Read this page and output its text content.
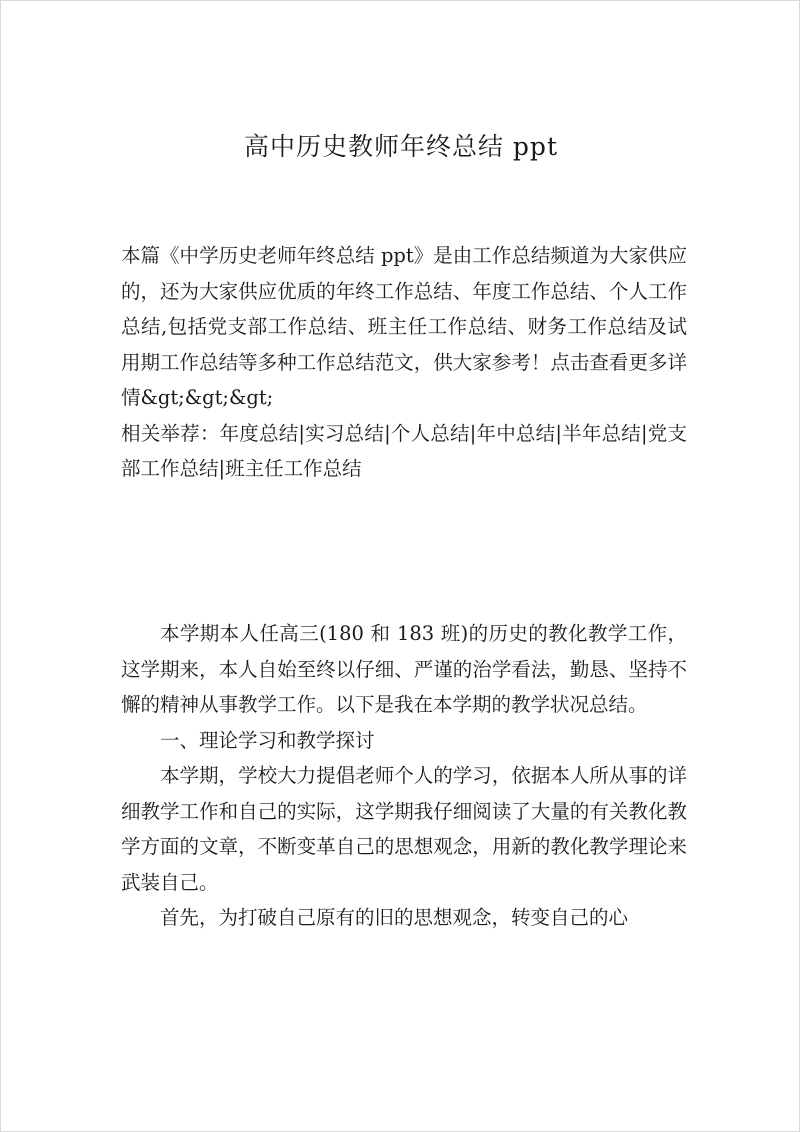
高中历史教师年终总结 ppt

本篇《中学历史老师年终总结 ppt》是由工作总结频道为大家供应的，还为大家供应优质的年终工作总结、年度工作总结、个人工作总结,包括党支部工作总结、班主任工作总结、财务工作总结及试用期工作总结等多种工作总结范文，供大家参考！点击查看更多详情&gt;&gt;&gt;

相关举荐：年度总结|实习总结|个人总结|年中总结|半年总结|党支部工作总结|班主任工作总结

本学期本人任高三(180 和 183 班)的历史的教化教学工作，这学期来，本人自始至终以仔细、严谨的治学看法，勤恳、坚持不懈的精神从事教学工作。以下是我在本学期的教学状况总结。

一、理论学习和教学探讨

本学期，学校大力提倡老师个人的学习，依据本人所从事的详细教学工作和自己的实际，这学期我仔细阅读了大量的有关教化教学方面的文章，不断变革自己的思想观念，用新的教化教学理论来武装自己。

首先，为打破自己原有的旧的思想观念，转变自己的心
